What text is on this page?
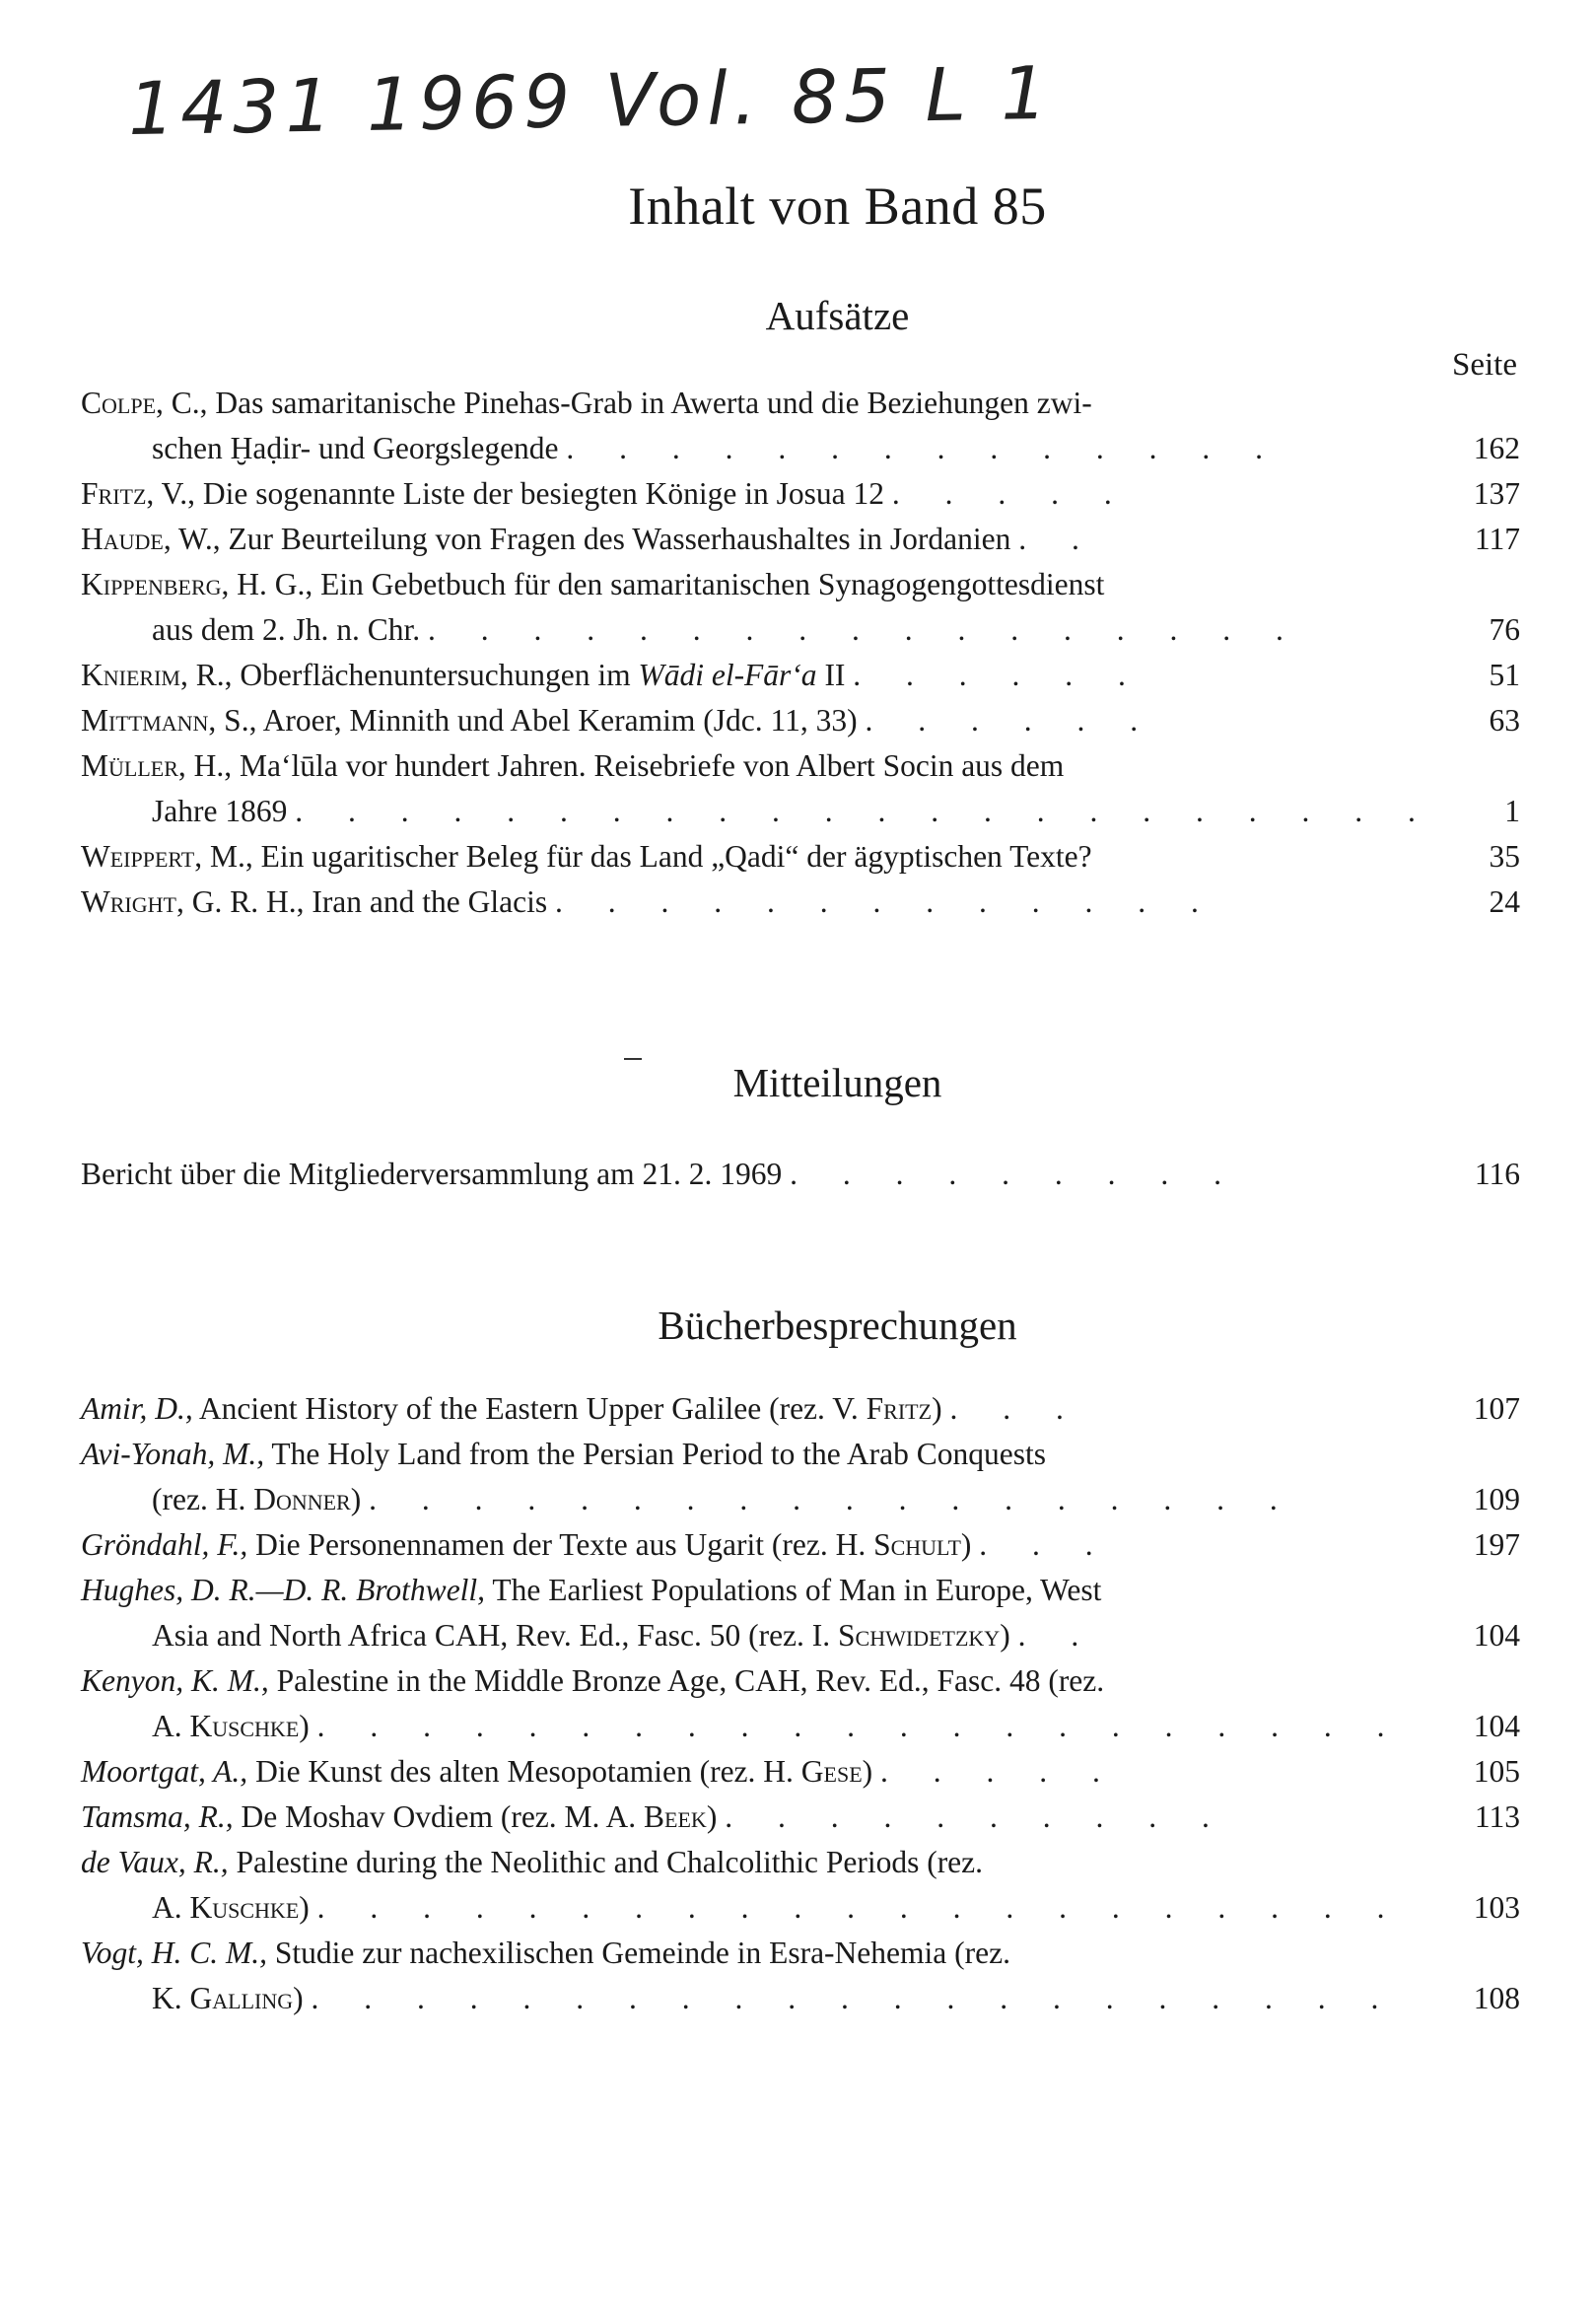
1431 1969 Vol. 85 L 1
Inhalt von Band 85
Aufsätze
Seite
Colpe, C., Das samaritanische Pinehas-Grab in Awerta und die Beziehungen zwi-
schen Ḫaḍir- und Georgslegende . . . . . . . . . . . . . .	162
Fritz, V., Die sogenannte Liste der besiegten Könige in Josua 12 . . . . .	137
Haude, W., Zur Beurteilung von Fragen des Wasserhaushaltes in Jordanien . .	117
Kippenberg, H. G., Ein Gebetbuch für den samaritanischen Synagogengottesdienst
aus dem 2. Jh. n. Chr. . . . . . . . . . . . . . . . . .	76
Knierim, R., Oberflächenuntersuchungen im Wādi el-Fār‘a II . . . . . .	51
Mittmann, S., Aroer, Minnith und Abel Keramim (Jdc. 11, 33) . . . . . .	63
Müller, H., Ma‘lūla vor hundert Jahren. Reisebriefe von Albert Socin aus dem
Jahre 1869 . . . . . . . . . . . . . . . . . . . . . .	1
Weippert, M., Ein ugaritischer Beleg für das Land „Qadi“ der ägyptischen Texte?	35
Wright, G. R. H., Iran and the Glacis . . . . . . . . . . . . .	24
Mitteilungen
Bericht über die Mitgliederversammlung am 21. 2. 1969 . . . . . . . . .	116
Bücherbesprechungen
Amir, D., Ancient History of the Eastern Upper Galilee (rez. V. Fritz) . . .	107
Avi-Yonah, M., The Holy Land from the Persian Period to the Arab Conquests
(rez. H. Donner) . . . . . . . . . . . . . . . . . .	109
Gröndahl, F., Die Personennamen der Texte aus Ugarit (rez. H. Schult) . . .	197
Hughes, D. R.—D. R. Brothwell, The Earliest Populations of Man in Europe, West
Asia and North Africa CAH, Rev. Ed., Fasc. 50 (rez. I. Schwidetzky) . .	104
Kenyon, K. M., Palestine in the Middle Bronze Age, CAH, Rev. Ed., Fasc. 48 (rez.
A. Kuschke) . . . . . . . . . . . . . . . . . . . . .	104
Moortgat, A., Die Kunst des alten Mesopotamien (rez. H. Gese) . . . . .	105
Tamsma, R., De Moshav Ovdiem (rez. M. A. Beek) . . . . . . . . . .	113
de Vaux, R., Palestine during the Neolithic and Chalcolithic Periods (rez.
A. Kuschke) . . . . . . . . . . . . . . . . . . . . .	103
Vogt, H. C. M., Studie zur nachexilischen Gemeinde in Esra-Nehemia (rez.
K. Galling) . . . . . . . . . . . . . . . . . . . . .	108
